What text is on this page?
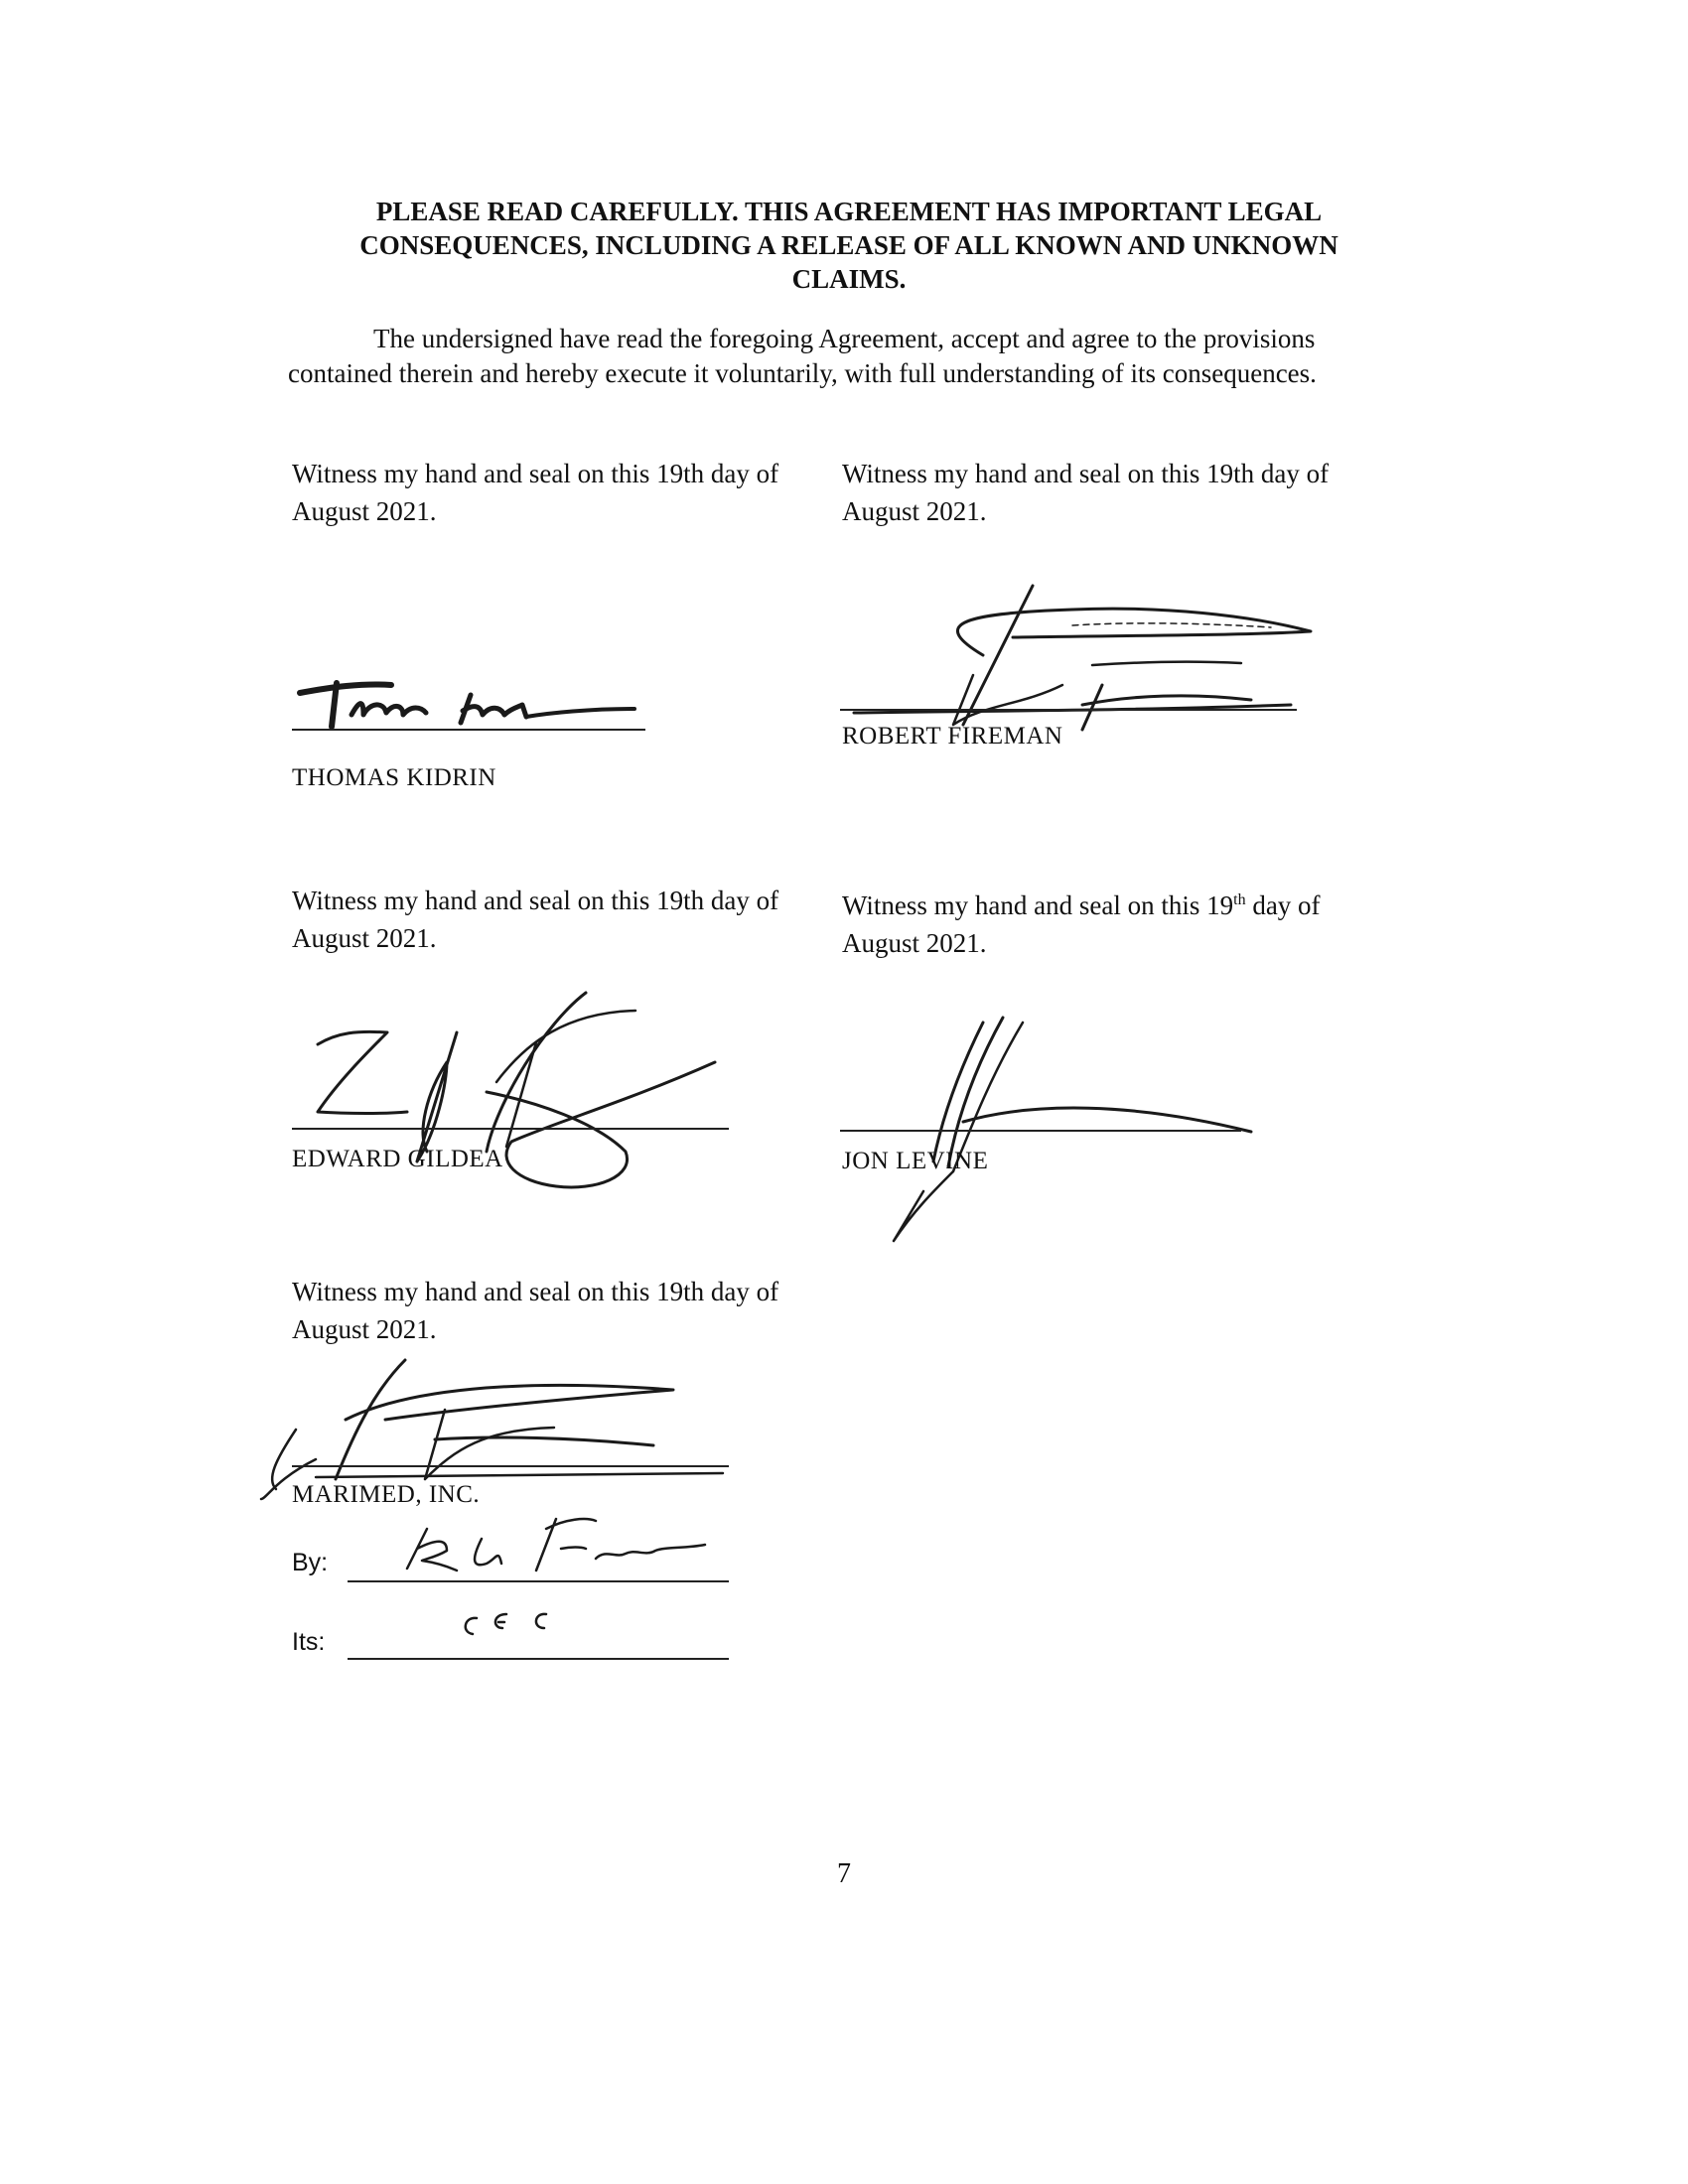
PLEASE READ CAREFULLY. THIS AGREEMENT HAS IMPORTANT LEGAL
CONSEQUENCES, INCLUDING A RELEASE OF ALL KNOWN AND UNKNOWN
CLAIMS.
The undersigned have read the foregoing Agreement, accept and agree to the provisions
contained therein and hereby execute it voluntarily, with full understanding of its consequences.
Witness my hand and seal on this 19th day of
August 2021.
THOMAS KIDRIN
Witness my hand and seal on this 19th day of
August 2021.
ROBERT FIREMAN
Witness my hand and seal on this 19th day of
August 2021.
EDWARD GILDEA
Witness my hand and seal on this 19th day of
August 2021.
JON LEVINE
Witness my hand and seal on this 19th day of
August 2021.
MARIMED, INC.
By:
Its:
7
